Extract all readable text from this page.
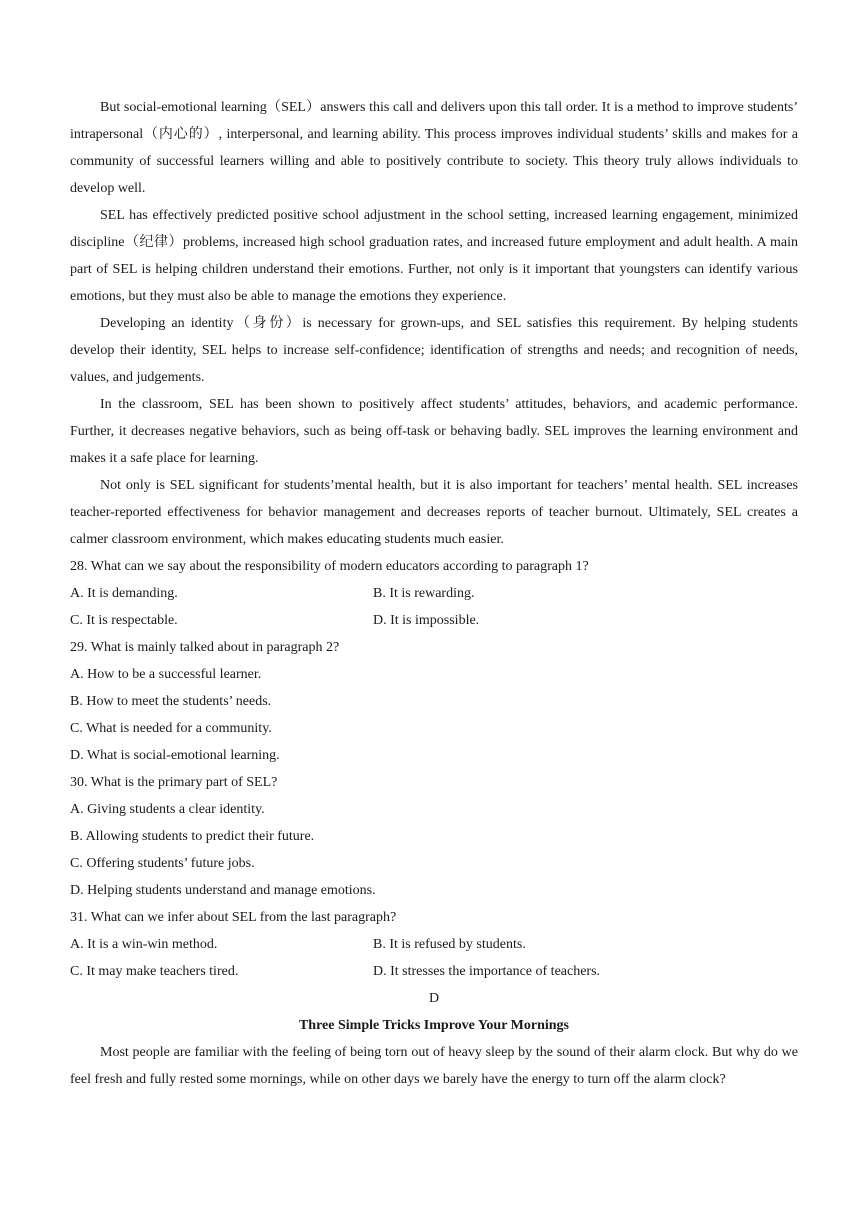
But social-emotional learning（SEL）answers this call and delivers upon this tall order. It is a method to improve students’ intrapersonal（内心的）, interpersonal, and learning ability. This process improves individual students’ skills and makes for a community of successful learners willing and able to positively contribute to society. This theory truly allows individuals to develop well.

SEL has effectively predicted positive school adjustment in the school setting, increased learning engagement, minimized discipline（纪律）problems, increased high school graduation rates, and increased future employment and adult health. A main part of SEL is helping children understand their emotions. Further, not only is it important that youngsters can identify various emotions, but they must also be able to manage the emotions they experience.

Developing an identity（身份）is necessary for grown-ups, and SEL satisfies this requirement. By helping students develop their identity, SEL helps to increase self-confidence; identification of strengths and needs; and recognition of needs, values, and judgements.

In the classroom, SEL has been shown to positively affect students’ attitudes, behaviors, and academic performance. Further, it decreases negative behaviors, such as being off-task or behaving badly. SEL improves the learning environment and makes it a safe place for learning.

Not only is SEL significant for students’mental health, but it is also important for teachers’ mental health. SEL increases teacher-reported effectiveness for behavior management and decreases reports of teacher burnout. Ultimately, SEL creates a calmer classroom environment, which makes educating students much easier.

28. What can we say about the responsibility of modern educators according to paragraph 1?

A. It is demanding.	B. It is rewarding.

C. It is respectable.	D. It is impossible.

29. What is mainly talked about in paragraph 2?

A. How to be a successful learner.

B. How to meet the students’ needs.

C. What is needed for a community.

D. What is social-emotional learning.

30. What is the primary part of SEL?

A. Giving students a clear identity.

B. Allowing students to predict their future.

C. Offering students’ future jobs.

D. Helping students understand and manage emotions.

31. What can we infer about SEL from the last paragraph?

A. It is a win-win method.	B. It is refused by students.

C. It may make teachers tired.	D. It stresses the importance of teachers.

D

Three Simple Tricks Improve Your Mornings

Most people are familiar with the feeling of being torn out of heavy sleep by the sound of their alarm clock. But why do we feel fresh and fully rested some mornings, while on other days we barely have the energy to turn off the alarm clock?
